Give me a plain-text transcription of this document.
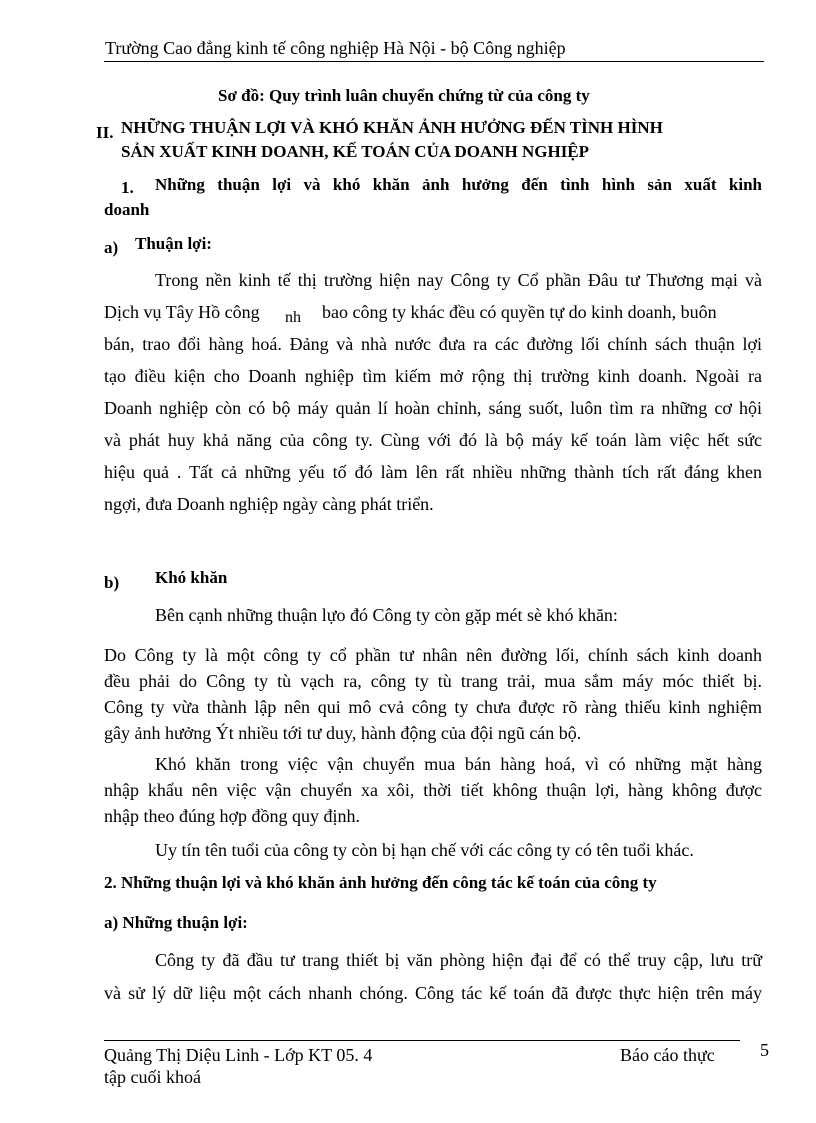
Trường Cao đẳng kinh tế công nghiệp Hà Nội - bộ Công nghiệp
Sơ đồ: Quy trình luân chuyển chứng từ của công ty
II. NHỮNG THUẬN LỢI VÀ KHÓ KHĂN ẢNH HƯỞNG ĐẾN TÌNH HÌNH
SẢN XUẤT KINH DOANH, KẾ TOÁN CỦA DOANH NGHIỆP
1. Những thuận lợi và khó khăn ảnh hưởng đến tình hình sản xuất kinh
doanh
a) Thuận lợi:
Trong nền kinh tế thị trường hiện nay Công ty Cổ phần Đâu tư Thương mại và
Dịch vụ Tây Hồ công nh bao công ty khác đều có quyền tự do kinh doanh, buôn
bán, trao đổi hàng hoá. Đảng và nhà nước đưa ra các đường lối chính sách thuận lợi
tạo điều kiện cho Doanh nghiệp tìm kiếm mở rộng thị trường kinh doanh. Ngoài ra
Doanh nghiệp còn có bộ máy quản lí hoàn chỉnh, sáng suốt, luôn tìm ra những cơ hội
và phát huy khả năng của công ty. Cùng với đó là bộ máy kế toán làm việc hết sức
hiệu quả . Tất cả những yếu tố đó làm lên rất nhiều những thành tích rất đáng khen
ngợi, đưa Doanh nghiệp ngày càng phát triển.
b) Khó khăn
Bên cạnh những thuận lựo đó Công ty còn gặp mét sè khó khăn:
Do Công ty là một công ty cổ phần tư nhân nên đường lối, chính sách kinh doanh
đều phải do Công ty tù vạch ra, công ty tù trang trải, mua sắm máy móc thiết bị.
Công ty vừa thành lập nên qui mô cvả công ty chưa được rõ ràng thiếu kinh nghiệm
gây ảnh hưởng Ýt nhiều tới tư duy, hành động của đội ngũ cán bộ.
Khó khăn trong việc vận chuyển mua bán hàng hoá, vì có những mặt hàng
nhập khẩu nên việc vận chuyển xa xôi, thời tiết không thuận lợi, hàng không được
nhập theo đúng hợp đồng quy định.
Uy tín tên tuổi của công ty còn bị hạn chế với các công ty có tên tuổi khác.
2. Những thuận lợi và khó khăn ảnh hưởng đến công tác kế toán của công ty
a) Những thuận lợi:
Công ty đã đầu tư trang thiết bị văn phòng hiện đại để có thể truy cập, lưu trữ
và sử lý dữ liệu một cách nhanh chóng. Công tác kế toán đã được thực hiện trên máy
Quảng Thị Diệu Linh - Lớp KT 05. 4	Báo cáo thực	5
tập cuối khoá
